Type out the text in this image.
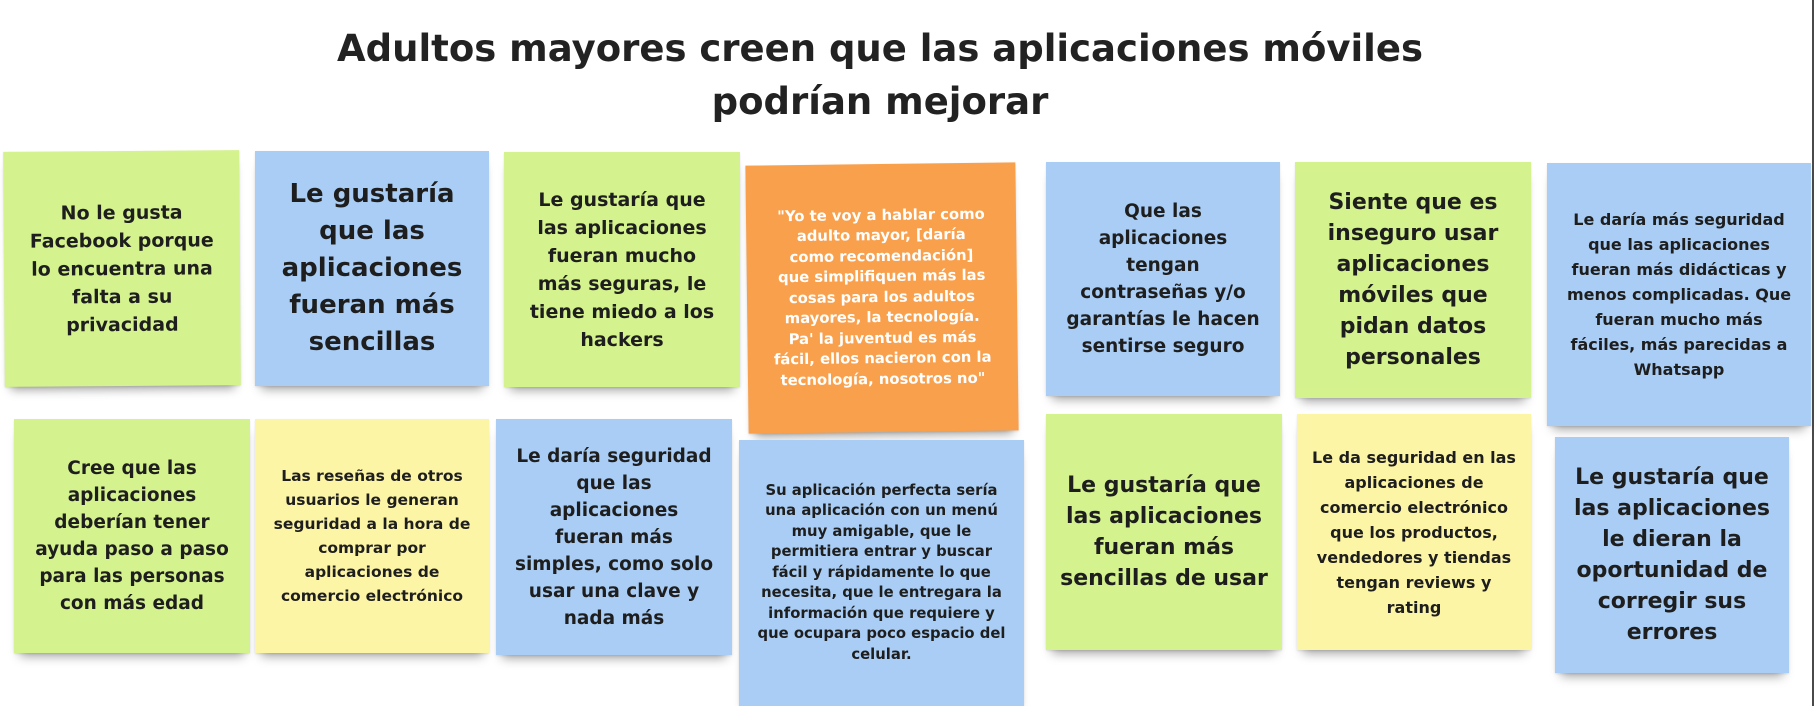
Adultos mayores creen que las aplicaciones móviles
podrían mejorar
No le gusta
Facebook porque
lo encuentra una
falta a su
privacidad
Le gustaría
que las
aplicaciones
fueran más
sencillas
Le gustaría que
las aplicaciones
fueran mucho
más seguras, le
tiene miedo a los
hackers
"Yo te voy a hablar como
adulto mayor, [daría
como recomendación]
que simplifiquen más las
cosas para los adultos
mayores, la tecnología.
Pa' la juventud es más
fácil, ellos nacieron con la
tecnología, nosotros no"
Que las
aplicaciones
tengan
contraseñas y/o
garantías le hacen
sentirse seguro
Siente que es
inseguro usar
aplicaciones
móviles que
pidan datos
personales
Le daría más seguridad
que las aplicaciones
fueran más didácticas y
menos complicadas. Que
fueran mucho más
fáciles, más parecidas a
Whatsapp
Cree que las
aplicaciones
deberían tener
ayuda paso a paso
para las personas
con más edad
Las reseñas de otros
usuarios le generan
seguridad a la hora de
comprar por
aplicaciones de
comercio electrónico
Le daría seguridad
que las
aplicaciones
fueran más
simples, como solo
usar una clave y
nada más
Su aplicación perfecta sería
una aplicación con un menú
muy amigable, que le
permitiera entrar y buscar
fácil y rápidamente lo que
necesita, que le entregara la
información que requiere y
que ocupara poco espacio del
celular.
Le gustaría que
las aplicaciones
fueran más
sencillas de usar
Le da seguridad en las
aplicaciones de
comercio electrónico
que los productos,
vendedores y tiendas
tengan reviews y
rating
Le gustaría que
las aplicaciones
le dieran la
oportunidad de
corregir sus
errores
